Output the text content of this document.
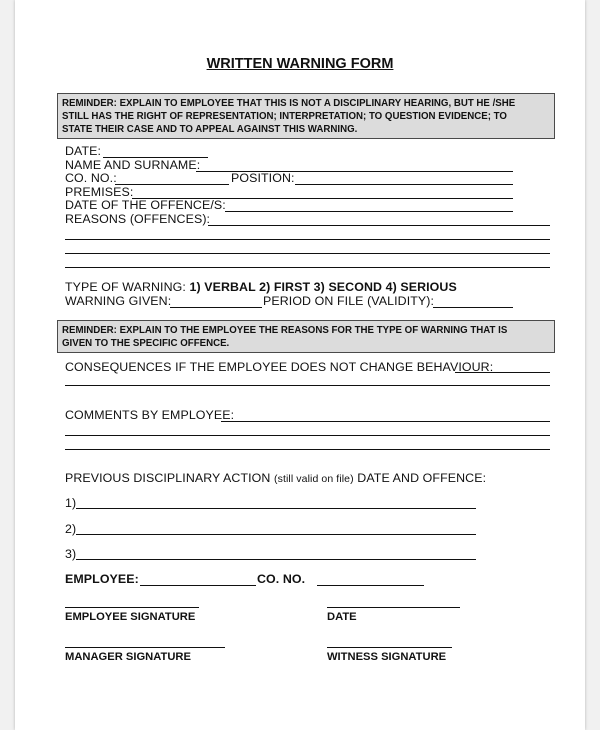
WRITTEN WARNING FORM
REMINDER: EXPLAIN TO EMPLOYEE THAT THIS IS NOT A DISCIPLINARY HEARING, BUT HE /SHE
STILL HAS THE RIGHT OF REPRESENTATION; INTERPRETATION; TO QUESTION EVIDENCE; TO
STATE THEIR CASE AND TO APPEAL AGAINST THIS WARNING.
DATE:
NAME AND SURNAME:
CO. NO.:	POSITION:
PREMISES:
DATE OF THE OFFENCE/S:
REASONS (OFFENCES):
TYPE OF WARNING: 1) VERBAL 2) FIRST 3) SECOND 4) SERIOUS
WARNING GIVEN:	PERIOD ON FILE (VALIDITY):
REMINDER: EXPLAIN TO THE EMPLOYEE THE REASONS FOR THE TYPE OF WARNING THAT IS
GIVEN TO THE SPECIFIC OFFENCE.
CONSEQUENCES IF THE EMPLOYEE DOES NOT CHANGE BEHAVIOUR:
COMMENTS BY EMPLOYEE:
PREVIOUS DISCIPLINARY ACTION (still valid on file) DATE AND OFFENCE:
1)
2)
3)
EMPLOYEE:	CO. NO.
EMPLOYEE SIGNATURE	DATE
MANAGER SIGNATURE	WITNESS SIGNATURE
